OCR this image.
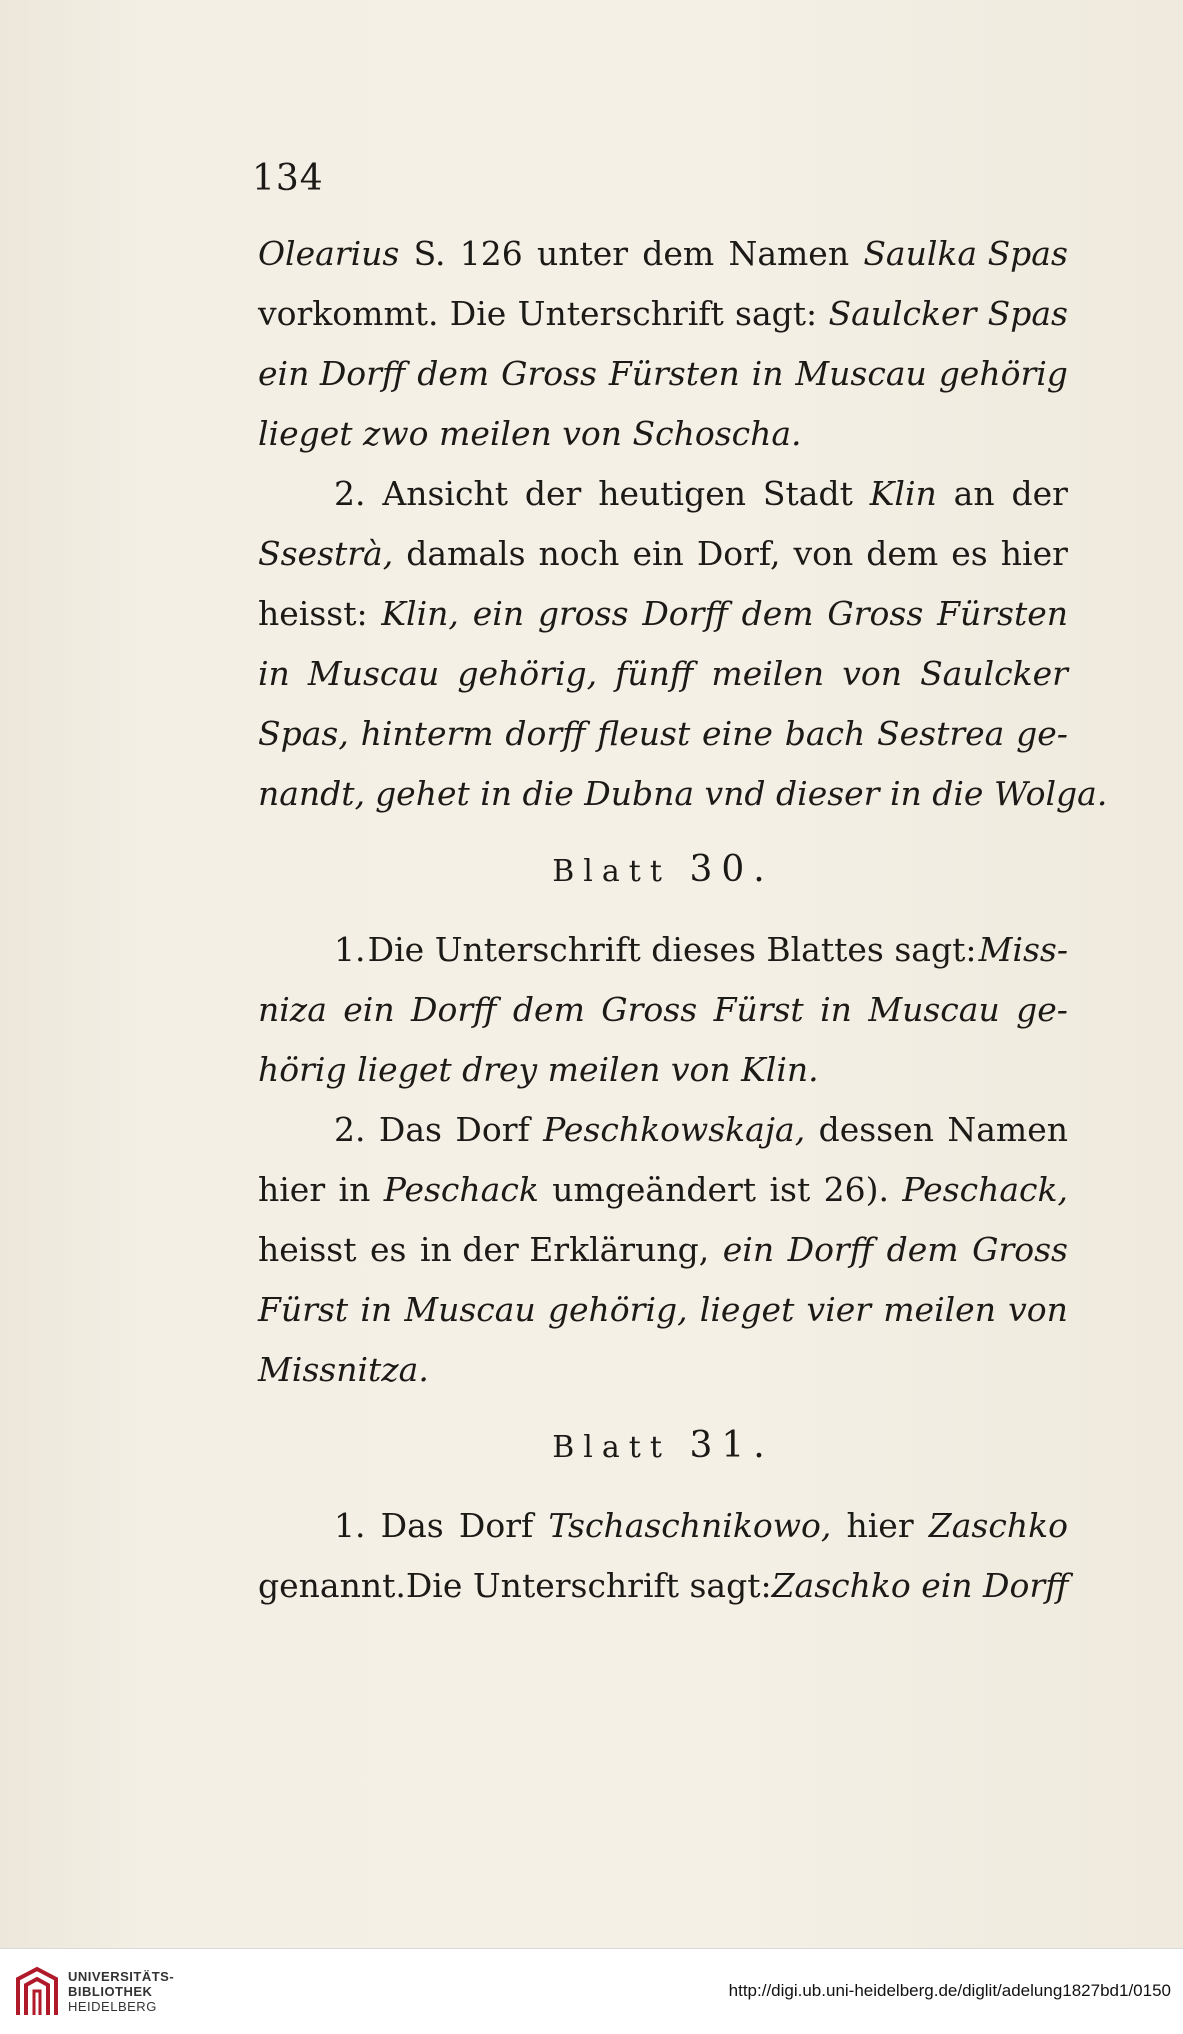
134
Olearius S. 126 unter dem Namen Saulka Spas
vorkommt. Die Unterschrift sagt: Saulcker Spas
ein Dorff dem Gross Fürsten in Muscau gehörig
lieget zwo meilen von Schoscha.
2. Ansicht der heutigen Stadt Klin an der
Ssestrà, damals noch ein Dorf, von dem es hier
heisst: Klin, ein gross Dorff dem Gross Fürsten
in Muscau gehörig, fünff meilen von Saulcker
Spas, hinterm dorff fleust eine bach Sestrea ge-
nandt, gehet in die Dubna vnd dieser in die Wolga.
Blatt 30.
1. Die Unterschrift dieses Blattes sagt: Miss-
niza ein Dorff dem Gross Fürst in Muscau ge-
hörig lieget drey meilen von Klin.
2. Das Dorf Peschkowskaja, dessen Namen
hier in Peschack umgeändert ist 26). Peschack,
heisst es in der Erklärung, ein Dorff dem Gross
Fürst in Muscau gehörig, lieget vier meilen von
Missnitza.
Blatt 31.
1. Das Dorf Tschaschnikowo, hier Zaschko
genannt. Die Unterschrift sagt: Zaschko ein Dorff
UNIVERSITÄTS-
BIBLIOTHEK
HEIDELBERG
http://digi.ub.uni-heidelberg.de/diglit/adelung1827bd1/0150
